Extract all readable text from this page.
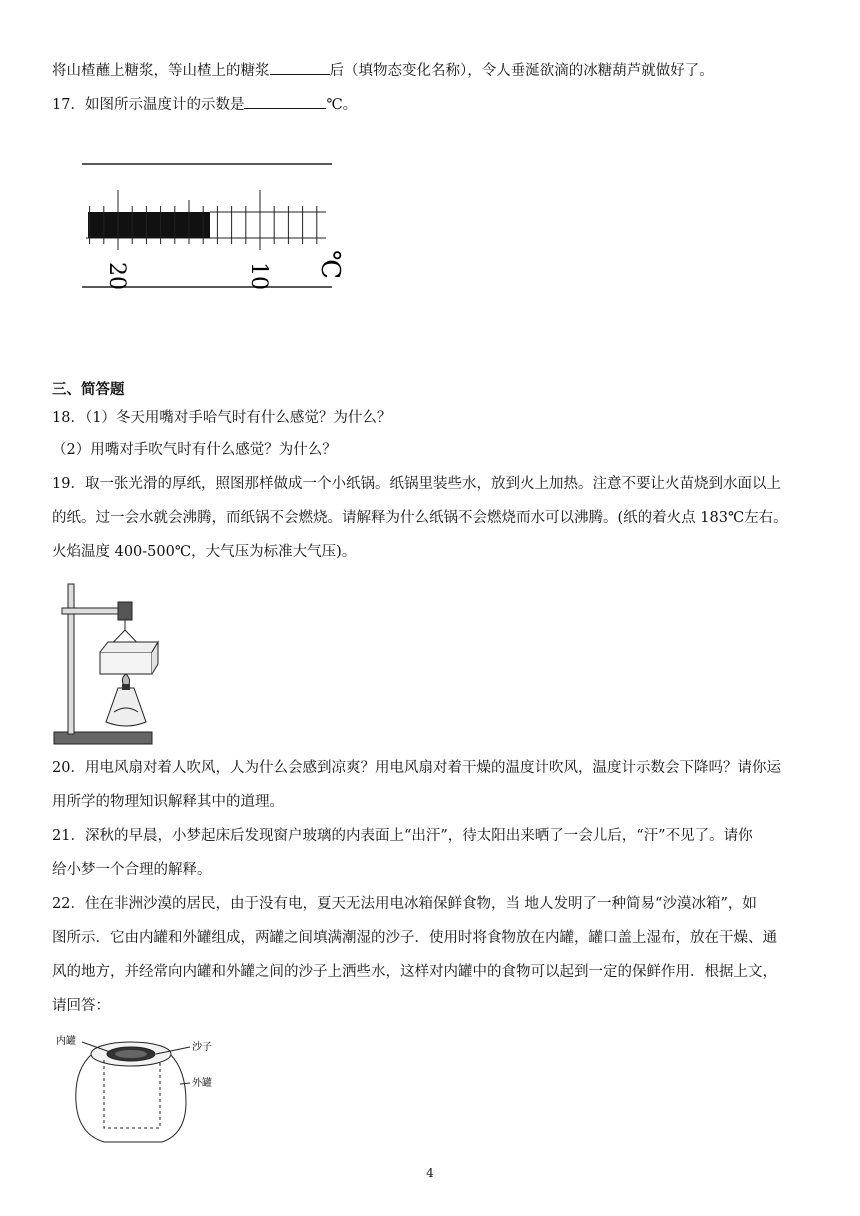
将山楂蘸上糖浆，等山楂上的糖浆	后（填物态变化名称），令人垂涎欲滴的冰糖葫芦就做好了。
17．如图所示温度计的示数是	℃。
20	10 ℃
三、简答题
18．（1）冬天用嘴对手哈气时有什么感觉？为什么？
（2）用嘴对手吹气时有什么感觉？为什么？
19．取一张光滑的厚纸，照图那样做成一个小纸锅。纸锅里装些水，放到火上加热。注意不要让火苗烧到水面以上
的纸。过一会水就会沸腾，而纸锅不会燃烧。请解释为什么纸锅不会燃烧而水可以沸腾。(纸的着火点 183℃左右。
火焰温度 400-500℃，大气压为标准大气压)。
20．用电风扇对着人吹风，人为什么会感到凉爽？用电风扇对着干燥的温度计吹风，温度计示数会下降吗？请你运
用所学的物理知识解释其中的道理。
21．深秋的早晨，小梦起床后发现窗户玻璃的内表面上“出汗”，待太阳出来晒了一会儿后，“汗”不见了。请你
给小梦一个合理的解释。
22．住在非洲沙漠的居民，由于没有电，夏天无法用电冰箱保鲜食物，当 地人发明了一种简易“沙漠冰箱”，如
图所示．它由内罐和外罐组成，两罐之间填满潮湿的沙子．使用时将食物放在内罐，罐口盖上湿布，放在干燥、通
风的地方，并经常向内罐和外罐之间的沙子上洒些水，这样对内罐中的食物可以起到一定的保鲜作用．根据上文，
请回答：
内罐
沙子
外罐
4
